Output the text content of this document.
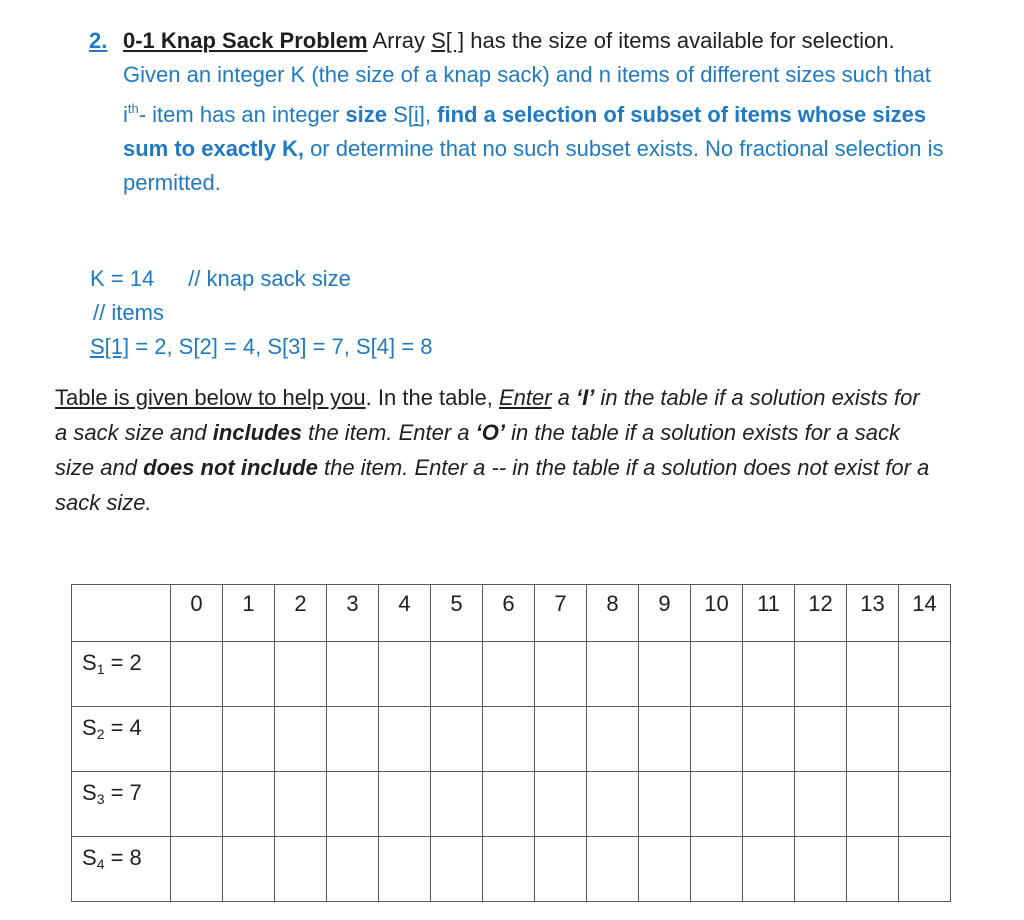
2. 0-1 Knap Sack Problem Array S[ ] has the size of items available for selection. Given an integer K (the size of a knap sack) and n items of different sizes such that $i^{th}-$ item has an integer size S[i], find a selection of subset of items whose sizes sum to exactly K, or determine that no such subset exists. No fractional selection is permitted.
K = 14 // knap sack size
// items
S[1] = 2, S[2] = 4, S[3] = 7, S[4] = 8
Table is given below to help you. In the table, Enter a ‘I’ in the table if a solution exists for a sack size and includes the item. Enter a ‘O’ in the table if a solution exists for a sack size and does not include the item. Enter a -- in the table if a solution does not exist for a sack size.
	0	1	2	3	4	5	6	7	8	9	10	11	12	13	14
S1 = 2															
S2 = 4															
S3 = 7															
S4 = 8															
